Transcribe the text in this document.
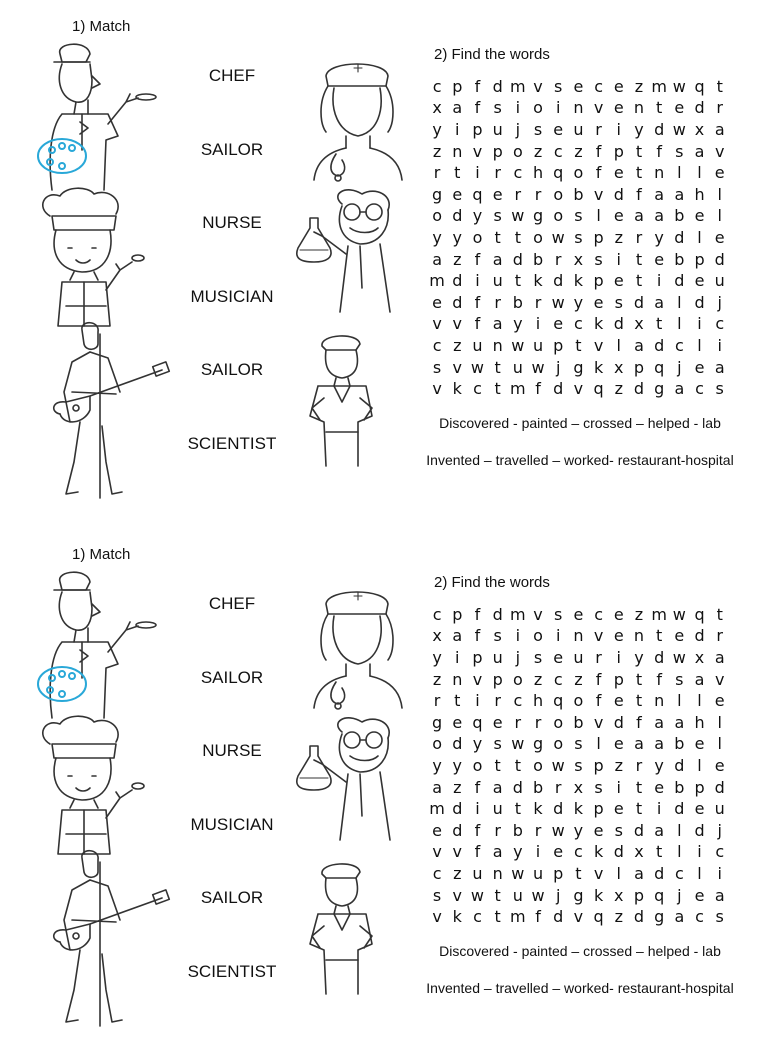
1) Match
CHEF
SAILOR
NURSE
MUSICIAN
SAILOR
SCIENTIST
2) Find the words
c	p	f	d	m	v	s	e	c	e	z	m	w	q	t
x	a	f	s	i	o	i	n	v	e	n	t	e	d	r
y	i	p	u	j	s	e	u	r	i	y	d	w	x	a
z	n	v	p	o	z	c	z	f	p	t	f	s	a	v
r	t	i	r	c	h	q	o	f	e	t	n	l	l	e
g	e	q	e	r	r	o	b	v	d	f	a	a	h	l
o	d	y	s	w	g	o	s	l	e	a	a	b	e	l
y	y	o	t	t	o	w	s	p	z	r	y	d	l	e
a	z	f	a	d	b	r	x	s	i	t	e	b	p	d
m	d	i	u	t	k	d	k	p	e	t	i	d	e	u
e	d	f	r	b	r	w	y	e	s	d	a	l	d	j
v	v	f	a	y	i	e	c	k	d	x	t	l	i	c
c	z	u	n	w	u	p	t	v	l	a	d	c	l	i
s	v	w	t	u	w	j	g	k	x	p	q	j	e	a
v	k	c	t	m	f	d	v	q	z	d	g	a	c	s
Discovered - painted – crossed – helped - lab
Invented – travelled – worked- restaurant-hospital
1) Match
CHEF
SAILOR
NURSE
MUSICIAN
SAILOR
SCIENTIST
2) Find the words
c	p	f	d	m	v	s	e	c	e	z	m	w	q	t
x	a	f	s	i	o	i	n	v	e	n	t	e	d	r
y	i	p	u	j	s	e	u	r	i	y	d	w	x	a
z	n	v	p	o	z	c	z	f	p	t	f	s	a	v
r	t	i	r	c	h	q	o	f	e	t	n	l	l	e
g	e	q	e	r	r	o	b	v	d	f	a	a	h	l
o	d	y	s	w	g	o	s	l	e	a	a	b	e	l
y	y	o	t	t	o	w	s	p	z	r	y	d	l	e
a	z	f	a	d	b	r	x	s	i	t	e	b	p	d
m	d	i	u	t	k	d	k	p	e	t	i	d	e	u
e	d	f	r	b	r	w	y	e	s	d	a	l	d	j
v	v	f	a	y	i	e	c	k	d	x	t	l	i	c
c	z	u	n	w	u	p	t	v	l	a	d	c	l	i
s	v	w	t	u	w	j	g	k	x	p	q	j	e	a
v	k	c	t	m	f	d	v	q	z	d	g	a	c	s
Discovered - painted – crossed – helped - lab
Invented – travelled – worked- restaurant-hospital
